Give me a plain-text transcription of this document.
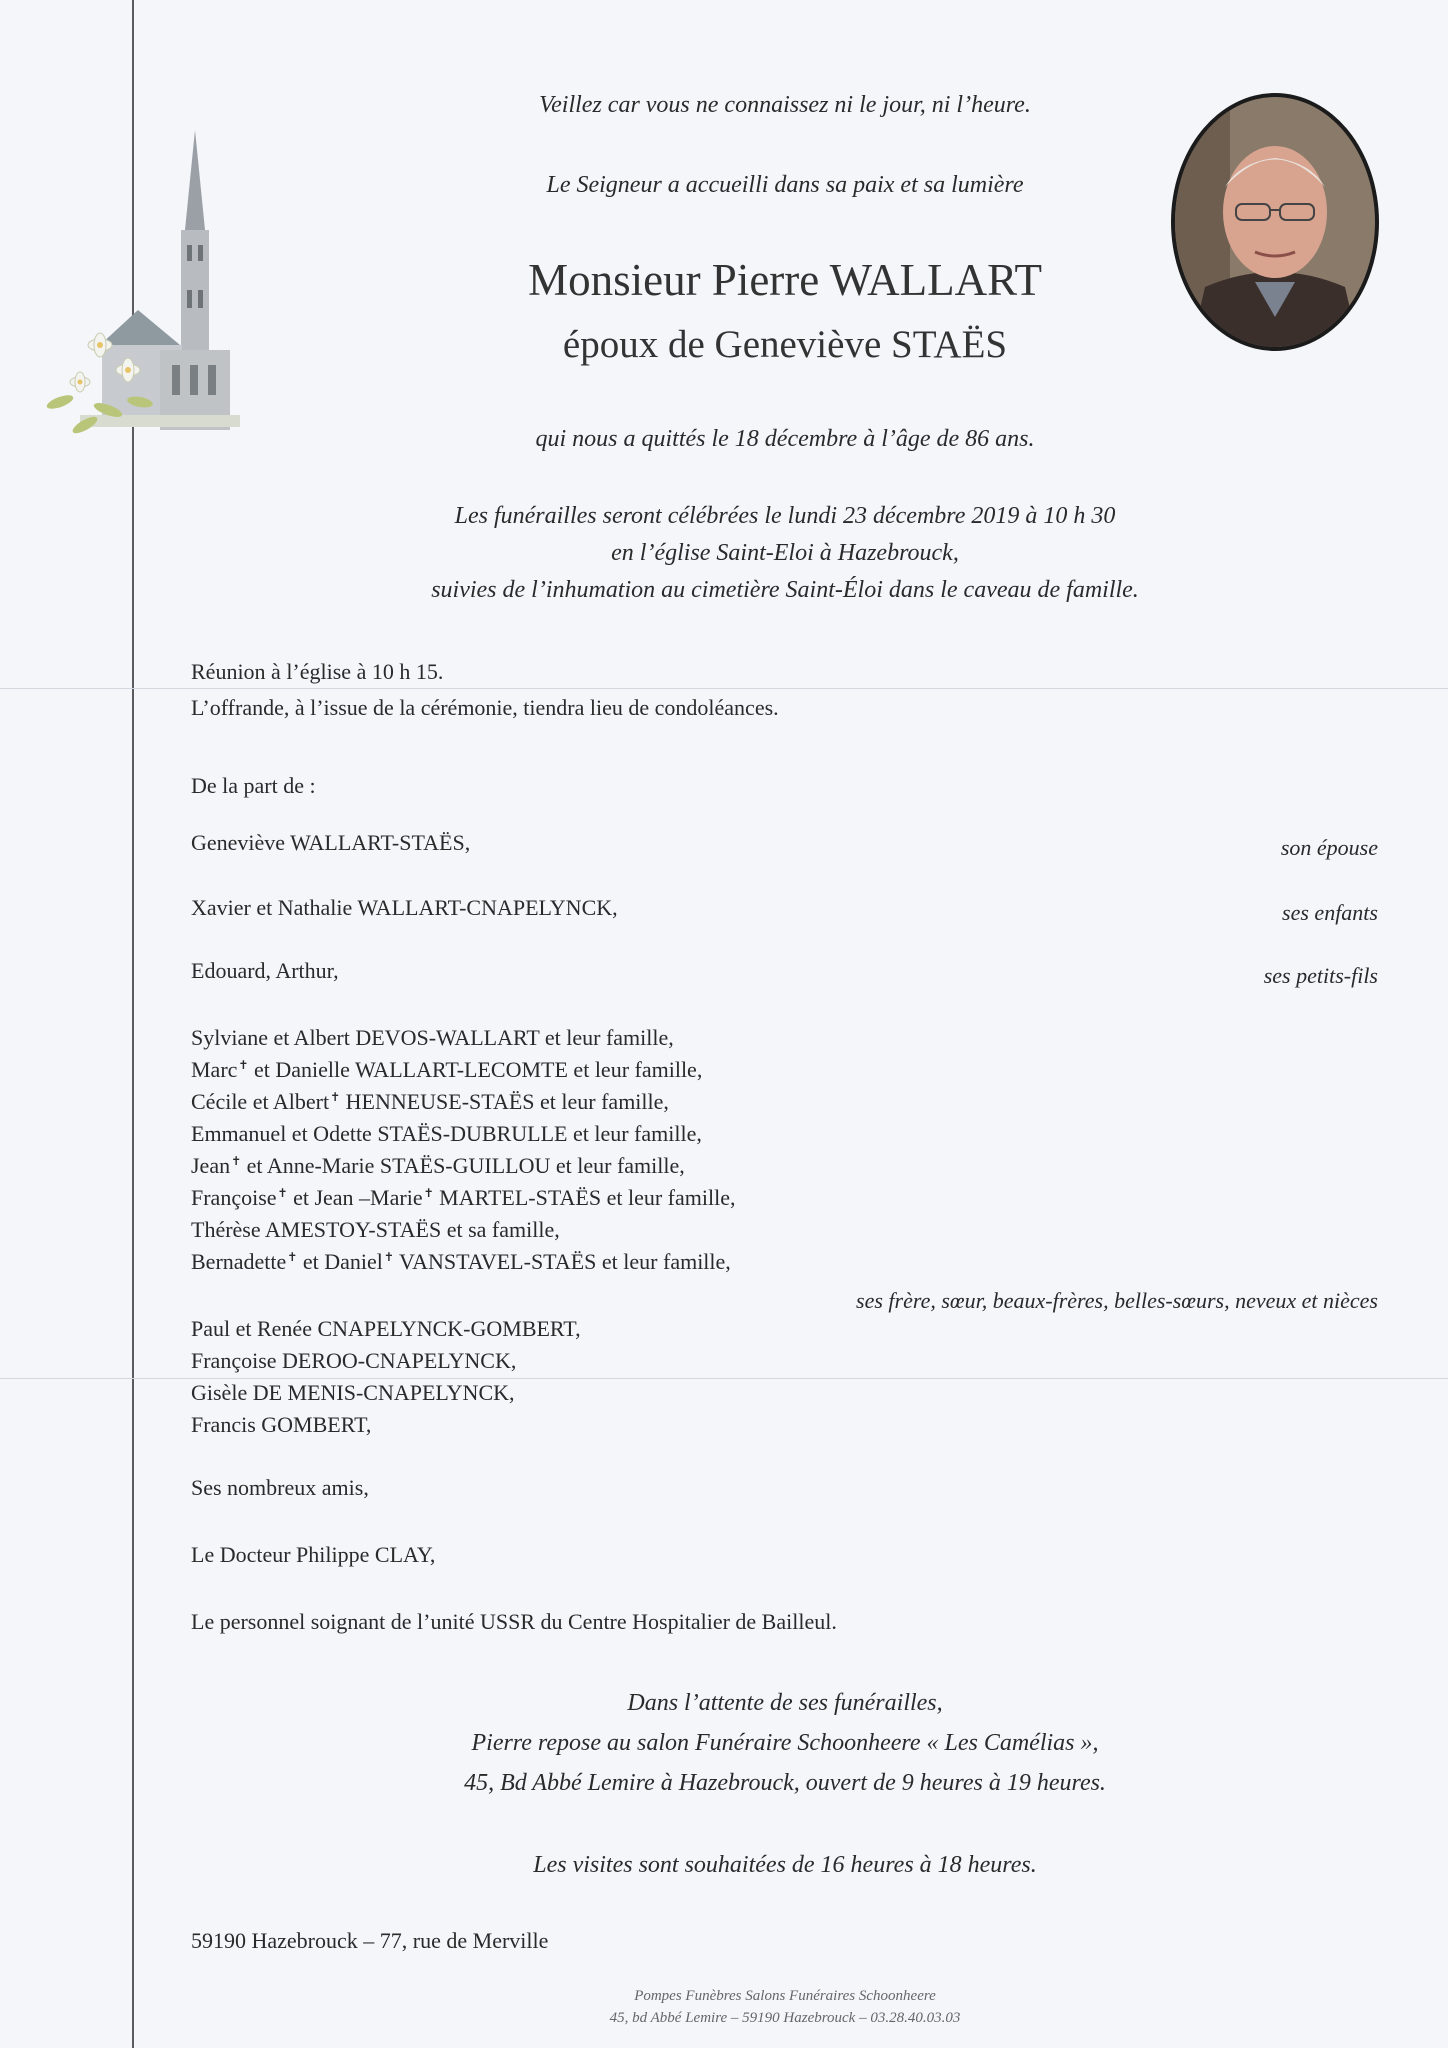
Veillez car vous ne connaissez ni le jour, ni l’heure.
Le Seigneur a accueilli dans sa paix et sa lumière
Monsieur Pierre WALLART
époux de Geneviève STAËS
qui nous a quittés le 18 décembre à l’âge de 86 ans.
Les funérailles seront célébrées le lundi 23 décembre 2019 à 10 h 30
en l’église Saint-Eloi à Hazebrouck,
suivies de l’inhumation au cimetière Saint-Éloi dans le caveau de famille.
Réunion à l’église à 10 h 15.
L’offrande, à l’issue de la cérémonie, tiendra lieu de condoléances.
De la part de :
Geneviève WALLART-STAËS,	son épouse
Xavier et Nathalie WALLART-CNAPELYNCK,	ses enfants
Edouard, Arthur,	ses petits-fils
Sylviane et Albert DEVOS-WALLART et leur famille,
Marc✝ et Danielle WALLART-LECOMTE et leur famille,
Cécile et Albert✝ HENNEUSE-STAËS et leur famille,
Emmanuel et Odette STAËS-DUBRULLE et leur famille,
Jean✝ et Anne-Marie STAËS-GUILLOU et leur famille,
Françoise✝ et Jean –Marie✝ MARTEL-STAËS et leur famille,
Thérèse AMESTOY-STAËS et sa famille,
Bernadette✝ et Daniel✝ VANSTAVEL-STAËS et leur famille,
ses frère, sœur, beaux-frères, belles-sœurs, neveux et nièces
Paul et Renée CNAPELYNCK-GOMBERT,
Françoise DEROO-CNAPELYNCK,
Gisèle DE MENIS-CNAPELYNCK,
Francis GOMBERT,
Ses nombreux amis,
Le Docteur Philippe CLAY,
Le personnel soignant de l’unité USSR du Centre Hospitalier de Bailleul.
Dans l’attente de ses funérailles,
Pierre repose au salon Funéraire Schoonheere « Les Camélias »,
45, Bd Abbé Lemire à Hazebrouck, ouvert de 9 heures à 19 heures.
Les visites sont souhaitées de 16 heures à 18 heures.
59190 Hazebrouck – 77, rue de Merville
Pompes Funèbres Salons Funéraires Schoonheere
45, bd Abbé Lemire – 59190 Hazebrouck – 03.28.40.03.03
